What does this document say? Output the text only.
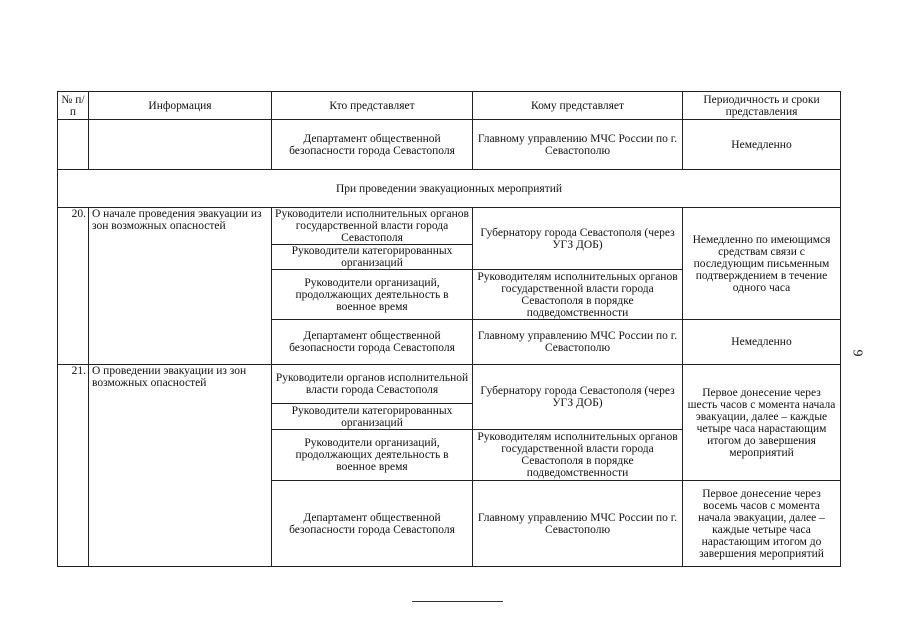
№ п/п	Информация	Кто представляет	Кому представляет	Периодичность и сроки представления
		Департамент общественной безопасности города Севастополя	Главному управлению МЧС России по г. Севастополю	Немедленно
При проведении эвакуационных мероприятий				
20.	О начале проведения эвакуации из зон возможных опасностей	Руководители исполнительных органов государственной власти города Севастополя	Губернатору города Севастополя (через УГЗ ДОБ)	Немедленно по имеющимся средствам связи с последующим письменным подтверждением в течение одного часа
		Руководители категорированных организаций		
		Руководители организаций, продолжающих деятельность в военное время	Руководителям исполнительных органов государственной власти города Севастополя в порядке подведомственности	

		Департамент общественной безопасности города Севастополя	Главному управлению МЧС России по г. Севастополю	Немедленно
21.	О проведении эвакуации из зон возможных опасностей	Руководители органов исполнительной власти города Севастополя	Губернатору города Севастополя (через УГЗ ДОБ)	Первое донесение через шесть часов с момента начала эвакуации, далее – каждые четыре часа нарастающим итогом до завершения мероприятий
		Руководители категорированных организаций		
		Руководители организаций, продолжающих деятельность в военное время	Руководителям исполнительных органов государственной власти города Севастополя в порядке подведомственности	

		Департамент общественной безопасности города Севастополя	Главному управлению МЧС России по г. Севастополю	Первое донесение через восемь часов с момента начала эвакуации, далее – каждые четыре часа нарастающим итогом до завершения мероприятий
9
